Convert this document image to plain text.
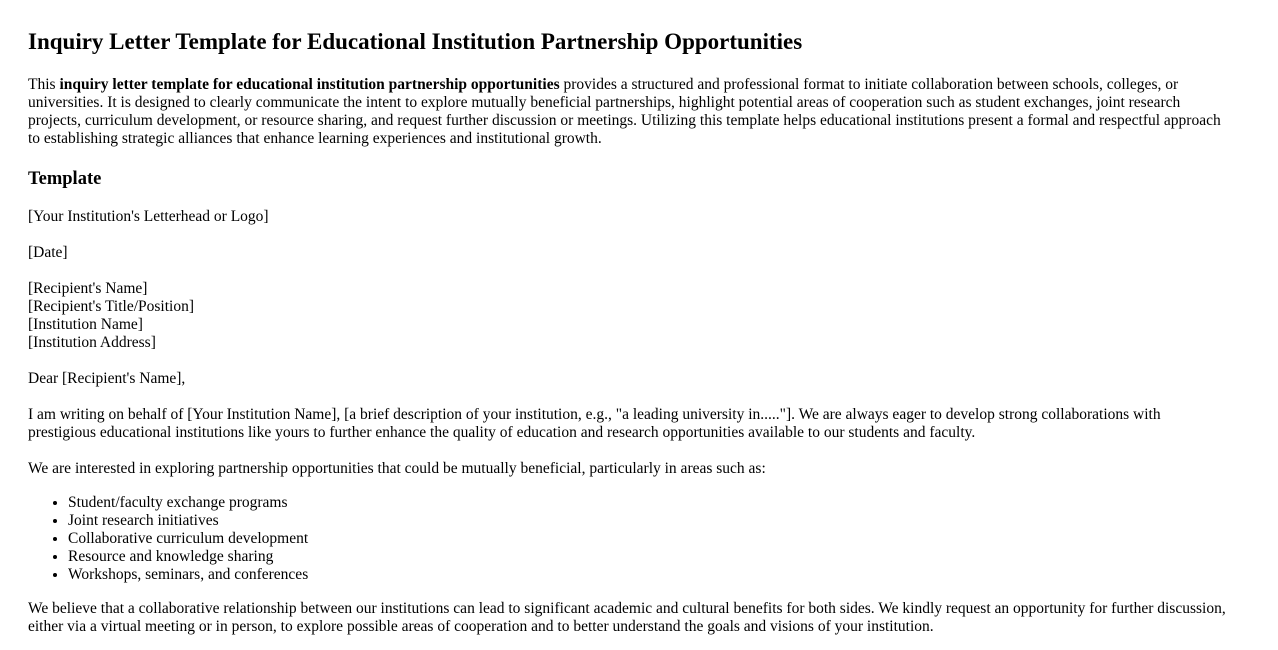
Inquiry Letter Template for Educational Institution Partnership Opportunities

This inquiry letter template for educational institution partnership opportunities provides a structured and professional format to initiate collaboration between schools, colleges, or universities. It is designed to clearly communicate the intent to explore mutually beneficial partnerships, highlight potential areas of cooperation such as student exchanges, joint research projects, curriculum development, or resource sharing, and request further discussion or meetings. Utilizing this template helps educational institutions present a formal and respectful approach to establishing strategic alliances that enhance learning experiences and institutional growth.

Template

[Your Institution's Letterhead or Logo]

[Date]

[Recipient's Name]
[Recipient's Title/Position]
[Institution Name]
[Institution Address]

Dear [Recipient's Name],

I am writing on behalf of [Your Institution Name], [a brief description of your institution, e.g., "a leading university in....."]. We are always eager to develop strong collaborations with prestigious educational institutions like yours to further enhance the quality of education and research opportunities available to our students and faculty.

We are interested in exploring partnership opportunities that could be mutually beneficial, particularly in areas such as:

• Student/faculty exchange programs
• Joint research initiatives
• Collaborative curriculum development
• Resource and knowledge sharing
• Workshops, seminars, and conferences

We believe that a collaborative relationship between our institutions can lead to significant academic and cultural benefits for both sides. We kindly request an opportunity for further discussion, either via a virtual meeting or in person, to explore possible areas of cooperation and to better understand the goals and visions of your institution.
